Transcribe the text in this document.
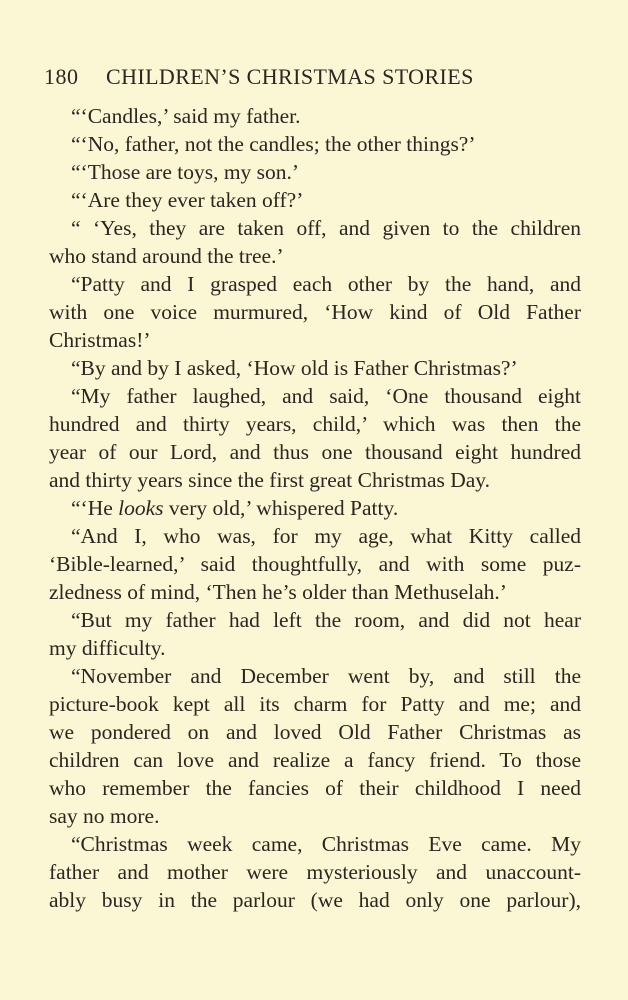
180 CHILDREN’S CHRISTMAS STORIES
“‘Candles,’ said my father.
“‘No, father, not the candles; the other things?’
“‘Those are toys, my son.’
“‘Are they ever taken off?’
“ ‘Yes, they are taken off, and given to the children
who stand around the tree.’
“Patty and I grasped each other by the hand, and
with one voice murmured, ‘How kind of Old Father
Christmas!’
“By and by I asked, ‘How old is Father Christmas?’
“My father laughed, and said, ‘One thousand eight
hundred and thirty years, child,’ which was then the
year of our Lord, and thus one thousand eight hundred
and thirty years since the first great Christmas Day.
“‘He looks very old,’ whispered Patty.
“And I, who was, for my age, what Kitty called
‘Bible-learned,’ said thoughtfully, and with some puz-
zledness of mind, ‘Then he’s older than Methuselah.’
“But my father had left the room, and did not hear
my difficulty.
“November and December went by, and still the
picture-book kept all its charm for Patty and me; and
we pondered on and loved Old Father Christmas as
children can love and realize a fancy friend. To those
who remember the fancies of their childhood I need
say no more.
“Christmas week came, Christmas Eve came. My
father and mother were mysteriously and unaccount-
ably busy in the parlour (we had only one parlour),
